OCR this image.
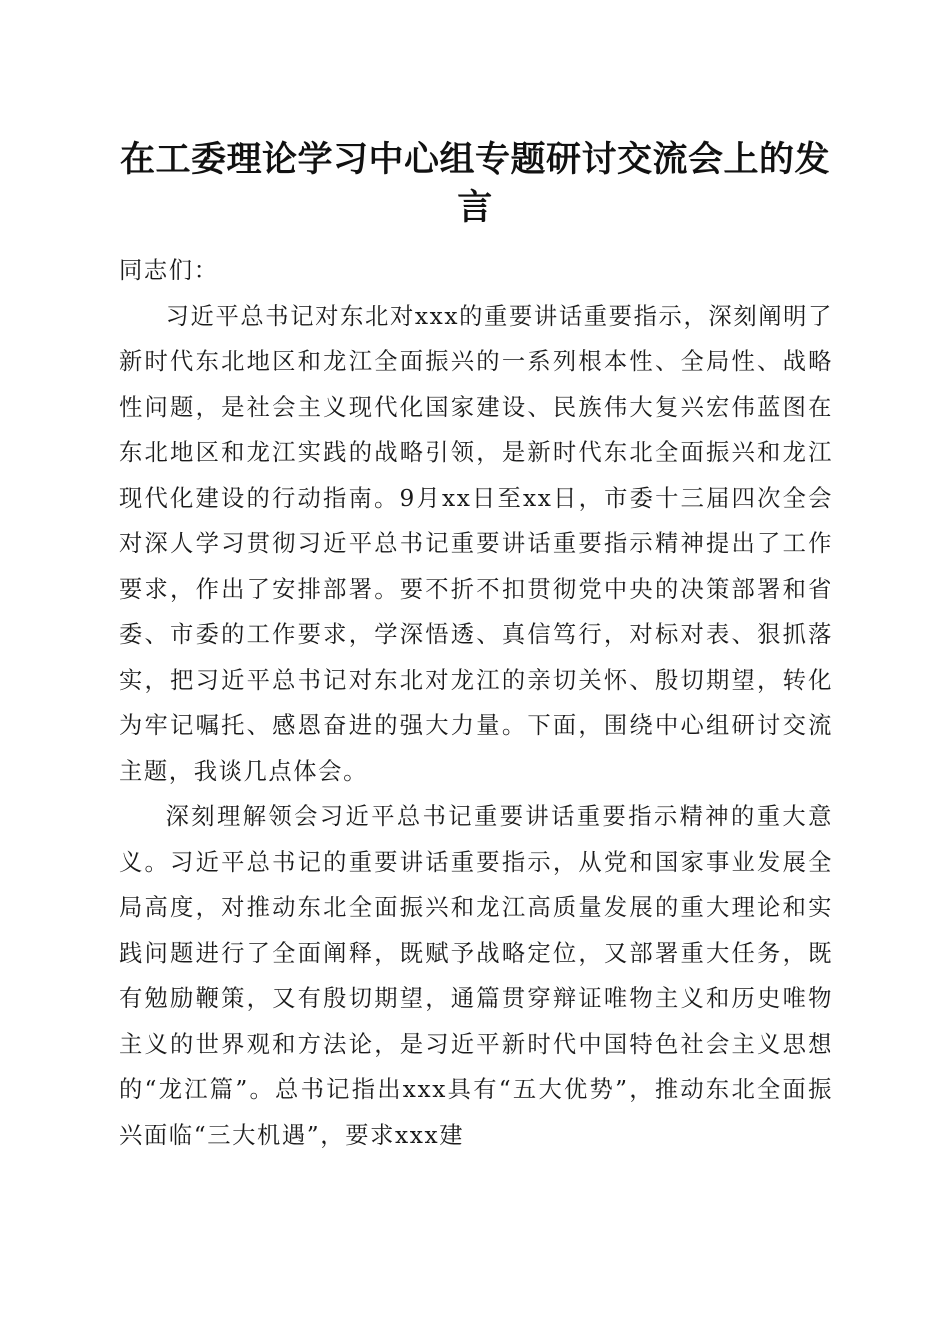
在工委理论学习中心组专题研讨交流会上的发言

同志们：

习近平总书记对东北对xxx的重要讲话重要指示，深刻阐明了新时代东北地区和龙江全面振兴的一系列根本性、全局性、战略性问题，是社会主义现代化国家建设、民族伟大复兴宏伟蓝图在东北地区和龙江实践的战略引领，是新时代东北全面振兴和龙江现代化建设的行动指南。9月xx日至xx日，市委十三届四次全会对深人学习贯彻习近平总书记重要讲话重要指示精神提出了工作要求，作出了安排部署。要不折不扣贯彻党中央的决策部署和省委、市委的工作要求，学深悟透、真信笃行，对标对表、狠抓落实，把习近平总书记对东北对龙江的亲切关怀、殷切期望，转化为牢记嘱托、感恩奋进的强大力量。下面，围绕中心组研讨交流主题，我谈几点体会。

深刻理解领会习近平总书记重要讲话重要指示精神的重大意义。习近平总书记的重要讲话重要指示，从党和国家事业发展全局高度，对推动东北全面振兴和龙江高质量发展的重大理论和实践问题进行了全面阐释，既赋予战略定位，又部署重大任务，既有勉励鞭策，又有殷切期望，通篇贯穿辩证唯物主义和历史唯物主义的世界观和方法论，是习近平新时代中国特色社会主义思想的“龙江篇”。总书记指出xxx具有“五大优势”，推动东北全面振兴面临“三大机遇”，要求xxx建
